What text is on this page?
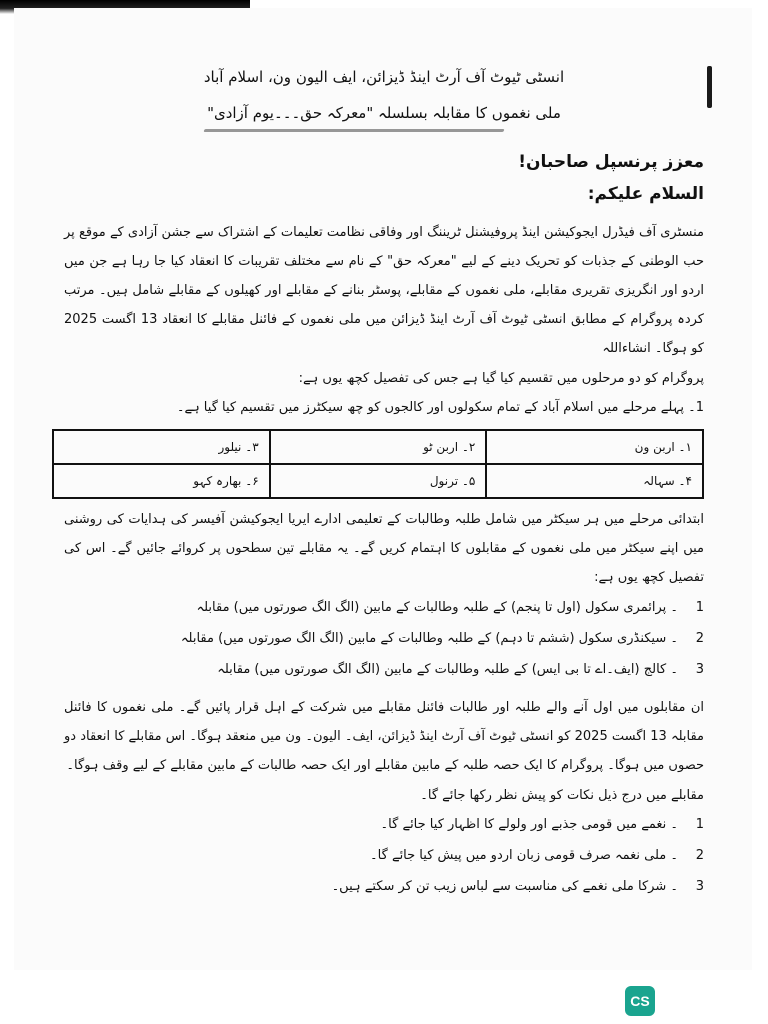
انسٹی ٹیوٹ آف آرٹ اینڈ ڈیزائن، ایف الیون ون، اسلام آباد
ملی نغموں کا مقابلہ بسلسلہ "معرکہ حق۔۔۔یوم آزادی"
معزز پرنسپل صاحبان!
السلام علیکم:

منسٹری آف فیڈرل ایجوکیشن اینڈ پروفیشنل ٹریننگ اور وفاقی نظامت تعلیمات کے اشتراک سے جشن آزادی کے موقع پر حب الوطنی کے جذبات کو تحریک دینے کے لیے "معرکہ حق" کے نام سے مختلف تقریبات کا انعقاد کیا جا رہا ہے جن میں اردو اور انگریزی تقریری مقابلے، ملی نغموں کے مقابلے، پوسٹر بنانے کے مقابلے اور کھیلوں کے مقابلے شامل ہیں۔ مرتب کردہ پروگرام کے مطابق انسٹی ٹیوٹ آف آرٹ اینڈ ڈیزائن میں ملی نغموں کے فائنل مقابلے کا انعقاد 13 اگست 2025 کو ہوگا۔ انشاءاللہ

پروگرام کو دو مرحلوں میں تقسیم کیا گیا ہے جس کی تفصیل کچھ یوں ہے:
1۔ پہلے مرحلے میں اسلام آباد کے تمام سکولوں اور کالجوں کو چھ سیکٹرز میں تقسیم کیا گیا ہے۔
۱۔ اربن ون	۲۔ اربن ٹو	۳۔ نیلور
۴۔ سہالہ	۵۔ ترنول	۶۔ بھارہ کہو

ابتدائی مرحلے میں ہر سیکٹر میں شامل طلبہ وطالبات کے تعلیمی ادارے ایریا ایجوکیشن آفیسر کی ہدایات کی روشنی میں اپنے سیکٹر میں ملی نغموں کے مقابلوں کا اہتمام کریں گے۔ یہ مقابلے تین سطحوں پر کروائے جائیں گے۔ اس کی تفصیل کچھ یوں ہے:

1۔ پرائمری سکول (اول تا پنجم) کے طلبہ وطالبات کے مابین (الگ الگ صورتوں میں) مقابلہ
2۔ سیکنڈری سکول (ششم تا دہم) کے طلبہ وطالبات کے مابین (الگ الگ صورتوں میں) مقابلہ
3۔ کالج (ایف۔اے تا بی ایس) کے طلبہ وطالبات کے مابین (الگ الگ صورتوں میں) مقابلہ

ان مقابلوں میں اول آنے والے طلبہ اور طالبات فائنل مقابلے میں شرکت کے اہل قرار پائیں گے۔ ملی نغموں کا فائنل مقابلہ 13 اگست 2025 کو انسٹی ٹیوٹ آف آرٹ اینڈ ڈیزائن، ایف۔ الیون۔ ون میں منعقد ہوگا۔ اس مقابلے کا انعقاد دو حصوں میں ہوگا۔ پروگرام کا ایک حصہ طلبہ کے مابین مقابلے اور ایک حصہ طالبات کے مابین مقابلے کے لیے وقف ہوگا۔

مقابلے میں درج ذیل نکات کو پیش نظر رکھا جائے گا۔
1۔ نغمے میں قومی جذبے اور ولولے کا اظہار کیا جائے گا۔
2۔ ملی نغمہ صرف قومی زبان اردو میں پیش کیا جائے گا۔
3۔ شرکا ملی نغمے کی مناسبت سے لباس زیب تن کر سکتے ہیں۔
CS
